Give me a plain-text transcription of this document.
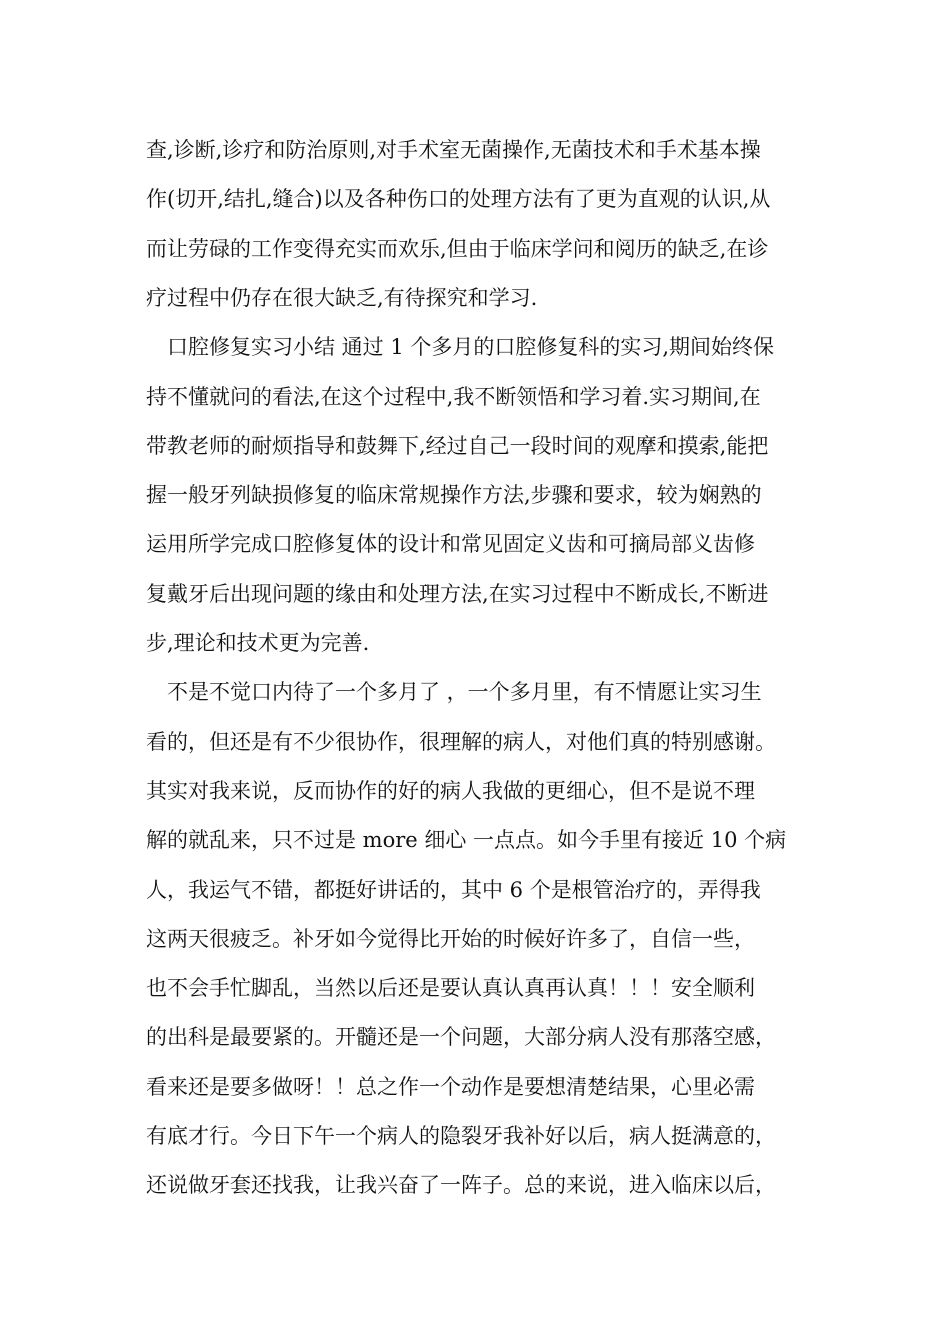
查,诊断,诊疗和防治原则,对手术室无菌操作,无菌技术和手术基本操
作(切开,结扎,缝合)以及各种伤口的处理方法有了更为直观的认识,从
而让劳碌的工作变得充实而欢乐,但由于临床学问和阅历的缺乏,在诊
疗过程中仍存在很大缺乏,有待探究和学习.
　口腔修复实习小结 通过 1 个多月的口腔修复科的实习,期间始终保
持不懂就问的看法,在这个过程中,我不断领悟和学习着.实习期间,在
带教老师的耐烦指导和鼓舞下,经过自己一段时间的观摩和摸索,能把
握一般牙列缺损修复的临床常规操作方法,步骤和要求，较为娴熟的
运用所学完成口腔修复体的设计和常见固定义齿和可摘局部义齿修
复戴牙后出现问题的缘由和处理方法,在实习过程中不断成长,不断进
步,理论和技术更为完善.
　不是不觉口内待了一个多月了 ，一个多月里，有不情愿让实习生
看的，但还是有不少很协作，很理解的病人，对他们真的特别感谢。
其实对我来说，反而协作的好的病人我做的更细心，但不是说不理
解的就乱来，只不过是 more 细心 一点点。如今手里有接近 10 个病
人，我运气不错，都挺好讲话的，其中 6 个是根管治疗的，弄得我
这两天很疲乏。补牙如今觉得比开始的时候好许多了，自信一些，
也不会手忙脚乱，当然以后还是要认真认真再认真！！！安全顺利
的出科是最要紧的。开髓还是一个问题，大部分病人没有那落空感，
看来还是要多做呀！！总之作一个动作是要想清楚结果，心里必需
有底才行。今日下午一个病人的隐裂牙我补好以后，病人挺满意的，
还说做牙套还找我，让我兴奋了一阵子。总的来说，进入临床以后，
